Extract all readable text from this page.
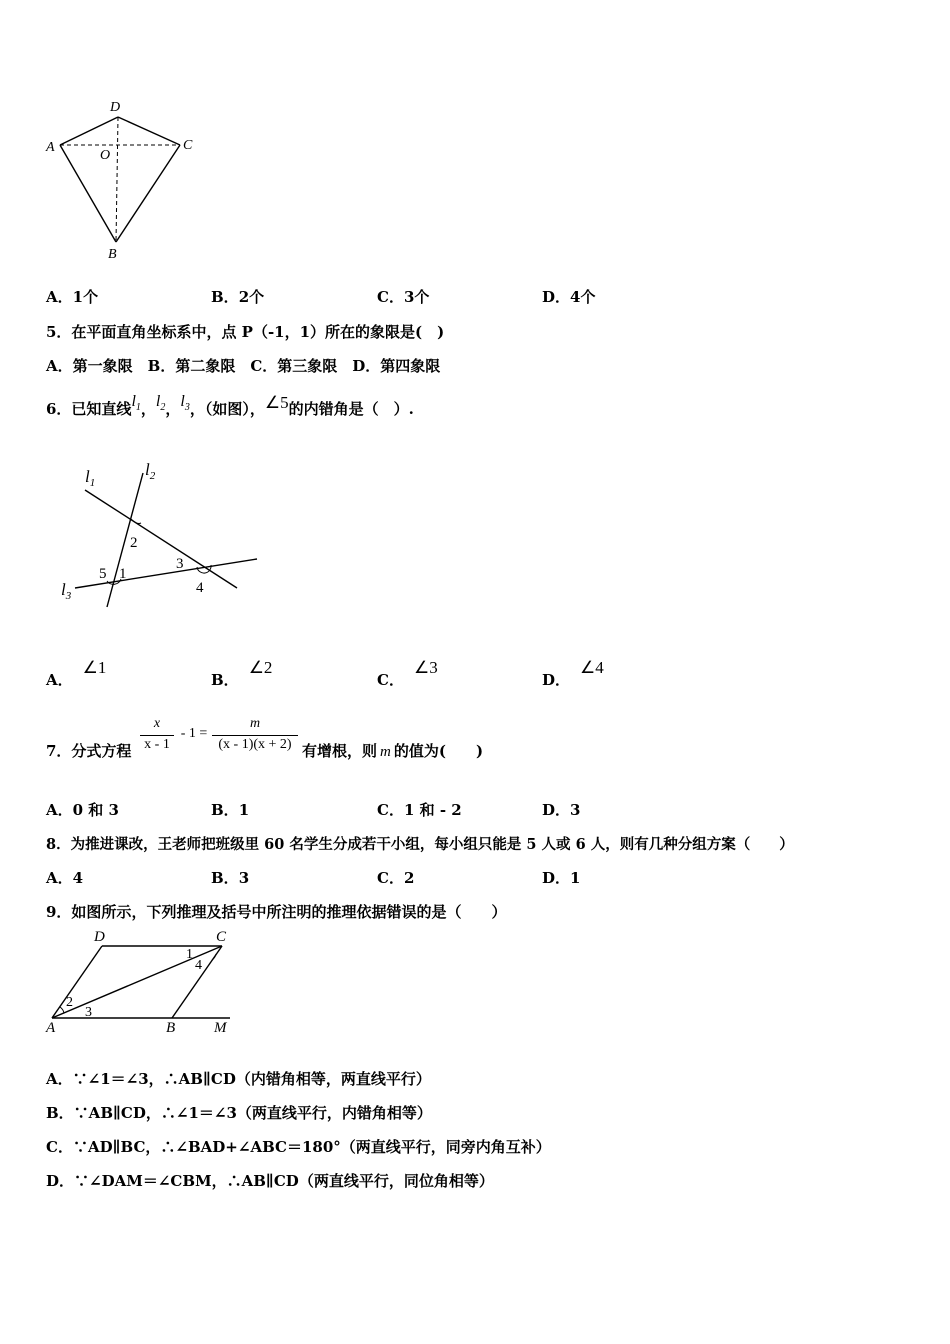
D
A
O
C
B
A．1个	B．2个	C．3个	D．4个
5．在平面直角坐标系中，点 P（-1，1）所在的象限是(　)
A．第一象限　B．第二象限　C．第三象限　D．第四象限
6．已知直线$l_1$，$l_2$，$l_3$，（如图），∠5的内错角是（　）.
$l_1$
$l_2$
$l_3$
2
5 1
3
4
A．∠1
B．∠2
C．∠3
D．∠4
7．分式方程
x
x - 1
- 1 =
m
(x - 1)(x + 2) 有增根，则 m 的值为(　　)
A．0 和 3	B．1	C．1 和 - 2	D．3
8．为推进课改，王老师把班级里 60 名学生分成若干小组，每小组只能是 5 人或 6 人，则有几种分组方案（　　）
A．4	B．3	C．2	D．1
9．如图所示，下列推理及括号中所注明的推理依据错误的是（　　）
D	C
A	B	M
1
4
2
3
A．∵∠1＝∠3，∴AB∥CD（内错角相等，两直线平行）
B．∵AB∥CD，∴∠1＝∠3（两直线平行，内错角相等）
C．∵AD∥BC，∴∠BAD+∠ABC＝180°（两直线平行，同旁内角互补）
D．∵∠DAM＝∠CBM，∴AB∥CD（两直线平行，同位角相等）
